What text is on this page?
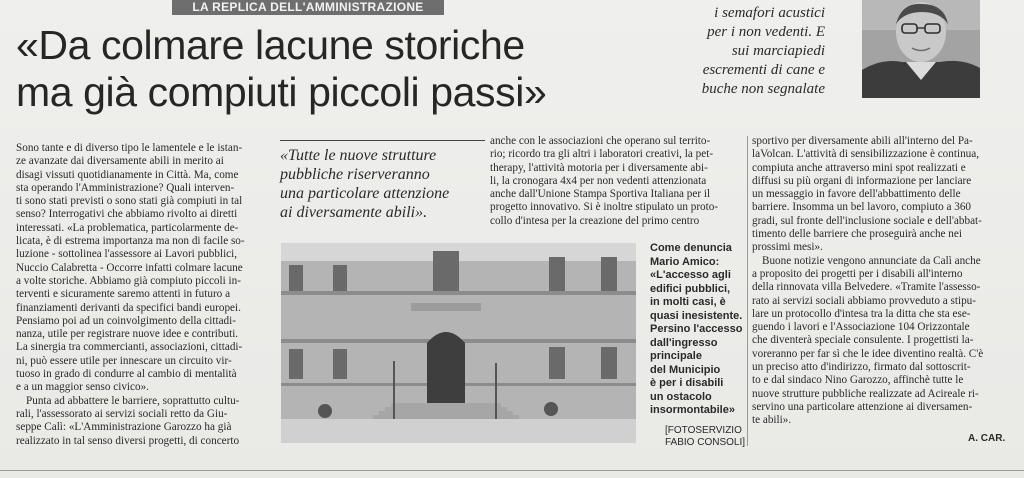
LA REPLICA DELL'AMMINISTRAZIONE
«Da colmare lacune storiche
ma già compiuti piccoli passi»
i semafori acustici
per i non vedenti. E
sui marciapiedi
escrementi di cane e
buche non segnalate
Sono tante e di diverso tipo le lamentele e le istan-
ze avanzate dai diversamente abili in merito ai
disagi vissuti quotidianamente in Città. Ma, come
sta operando l'Amministrazione? Quali interven-
ti sono stati previsti o sono stati già compiuti in tal
senso? Interrogativi che abbiamo rivolto ai diretti
interessati. «La problematica, particolarmente de-
licata, è di estrema importanza ma non di facile so-
luzione - sottolinea l'assessore ai Lavori pubblici,
Nuccio Calabretta - Occorre infatti colmare lacune
a volte storiche. Abbiamo già compiuto piccoli in-
terventi e sicuramente saremo attenti in futuro a
finanziamenti derivanti da specifici bandi europei.
Pensiamo poi ad un coinvolgimento della cittadi-
nanza, utile per registrare nuove idee e contributi.
La sinergia tra commercianti, associazioni, cittadi-
ni, può essere utile per innescare un circuito vir-
tuoso in grado di condurre al cambio di mentalità
e a un maggior senso civico».
Punta ad abbattere le barriere, soprattutto cultu-
rali, l'assessorato ai servizi sociali retto da Giu-
seppe Calì: «L'Amministrazione Garozzo ha già
realizzato in tal senso diversi progetti, di concerto
«Tutte le nuove strutture
pubbliche riserveranno
una particolare attenzione
ai diversamente abili».
anche con le associazioni che operano sul territo-
rio; ricordo tra gli altri i laboratori creativi, la pet-
therapy, l'attività motoria per i diversamente abi-
li, la cronogara 4x4 per non vedenti attenzionata
anche dall'Unione Stampa Sportiva Italiana per il
progetto innovativo. Si è inoltre stipulato un proto-
collo d'intesa per la creazione del primo centro
Come denuncia
Mario Amico:
«L'accesso agli
edifici pubblici,
in molti casi, è
quasi inesistente.
Persino l'accesso
dall'ingresso
principale
del Municipio
è per i disabili
un ostacolo
insormontabile»
[FOTOSERVIZIO
FABIO CONSOLI]
sportivo per diversamente abili all'interno del Pa-
laVolcan. L'attività di sensibilizzazione è continua,
compiuta anche attraverso mini spot realizzati e
diffusi su più organi di informazione per lanciare
un messaggio in favore dell'abbattimento delle
barriere. Insomma un bel lavoro, compiuto a 360
gradi, sul fronte dell'inclusione sociale e dell'abbat-
timento delle barriere che proseguirà anche nei
prossimi mesi».
Buone notizie vengono annunciate da Calì anche
a proposito dei progetti per i disabili all'interno
della rinnovata villa Belvedere. «Tramite l'assesso-
rato ai servizi sociali abbiamo provveduto a stipu-
lare un protocollo d'intesa tra la ditta che sta ese-
guendo i lavori e l'Associazione 104 Orizzontale
che diventerà speciale consulente. I progettisti la-
voreranno per far sì che le idee diventino realtà. C'è
un preciso atto d'indirizzo, firmato dal sottoscrit-
to e dal sindaco Nino Garozzo, affinchè tutte le
nuove strutture pubbliche realizzate ad Acireale ri-
servino una particolare attenzione ai diversamen-
te abili».
A. CAR.
